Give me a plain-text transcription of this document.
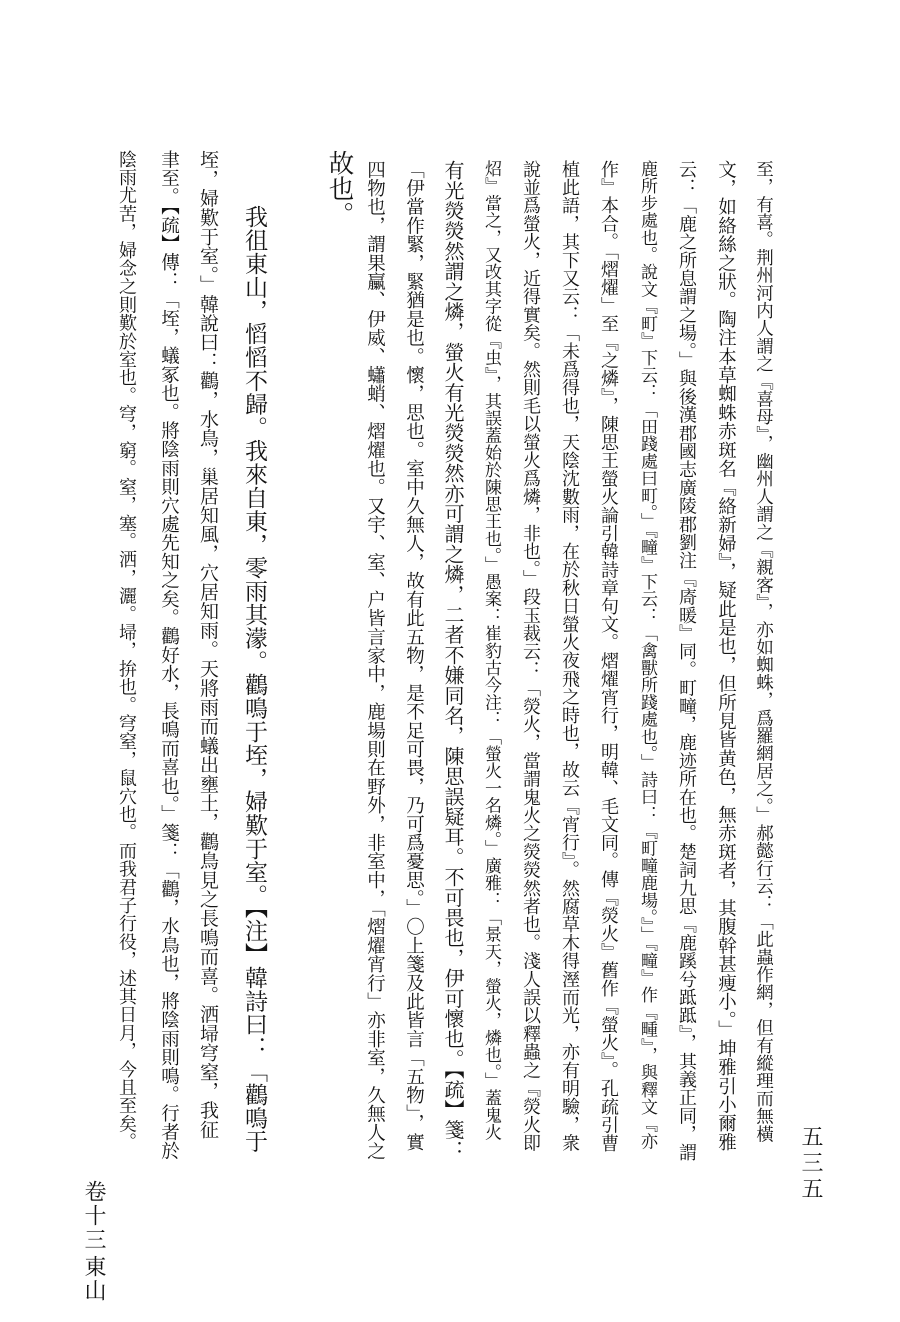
至，有喜。荆州河内人謂之『喜母』，幽州人謂之『親客』，亦如蜘蛛，爲羅網居之。」郝懿行云：「此蟲作網，但有縱理而無橫
文，如絡絲之狀。陶注本草蜘蛛赤斑名『絡新婦』，疑此是也，但所見皆黄色，無赤斑者，其腹幹甚痩小。」坤雅引小爾雅
云：「鹿之所息謂之場。」與後漢郡國志廣陵郡劉注『㢊暖』同。町疃，鹿迹所在也。楚詞九思『鹿蹊兮䟡䟡』，其義正同，謂
鹿所步處也。說文『町』下云：「田踐處曰町。」『疃』下云：「禽獸所踐處也。」詩曰：『町疃鹿場。』」『疃』作『畽』，與釋文『亦
作』本合。「熠燿」至『之燐』，陳思王螢火論引韓詩章句文。熠燿宵行，明韓、毛文同。傳『熒火』舊作『螢火』。孔疏引曹
植此語，其下又云：「未爲得也，天陰沈數雨，在於秋日螢火夜飛之時也，故云『宵行』。然腐草木得溼而光，亦有明驗，衆
說並爲螢火，近得實矣。然則毛以螢火爲燐，非也。」段玉裁云：「熒火，當謂鬼火之熒熒然者也。淺人誤以釋蟲之『熒火即
炤』當之，又改其字從『虫』，其誤蓋始於陳思王也。」愚案：崔豹古今注：「螢火一名燐。」廣雅：「景天，螢火，燐也。」蓋鬼火
有光熒熒然謂之燐，螢火有光熒熒然亦可謂之燐，二者不嫌同名，陳思誤疑耳。不可畏也，伊可懷也。【疏】箋：
「伊當作緊，緊猶是也。懷，思也。室中久無人，故有此五物，是不足可畏，乃可爲憂思。」〇上箋及此皆言「五物」，實
四物也，謂果臝、伊威、蠨蛸、熠燿也。又宇、室、户皆言家中，鹿場則在野外，非室中，「熠燿宵行」亦非室，久無人之
故也。
我徂東山，慆慆不歸。我來自東，零雨其濛。鸛鳴于垤，婦歎于室。【注】韓詩曰：「鸛鳴于
垤，婦歎于室。」韓說曰：鸛，水鳥，巢居知風，穴居知雨。天將雨而蟻出壅土，鸛鳥見之長鳴而喜。洒埽穹窒，我征
聿至。【疏】傳：「垤，蟻冢也。將陰雨則穴處先知之矣。鸛好水，長鳴而喜也。」箋：「鸛，水鳥也，將陰雨則鳴。行者於
陰雨尤苦，婦念之則歎於室也。穹，窮。窒，塞。洒，灑。埽，拚也。穹窒，鼠穴也。而我君子行役，述其日月，今且至矣。
卷十三
東山
五三五
